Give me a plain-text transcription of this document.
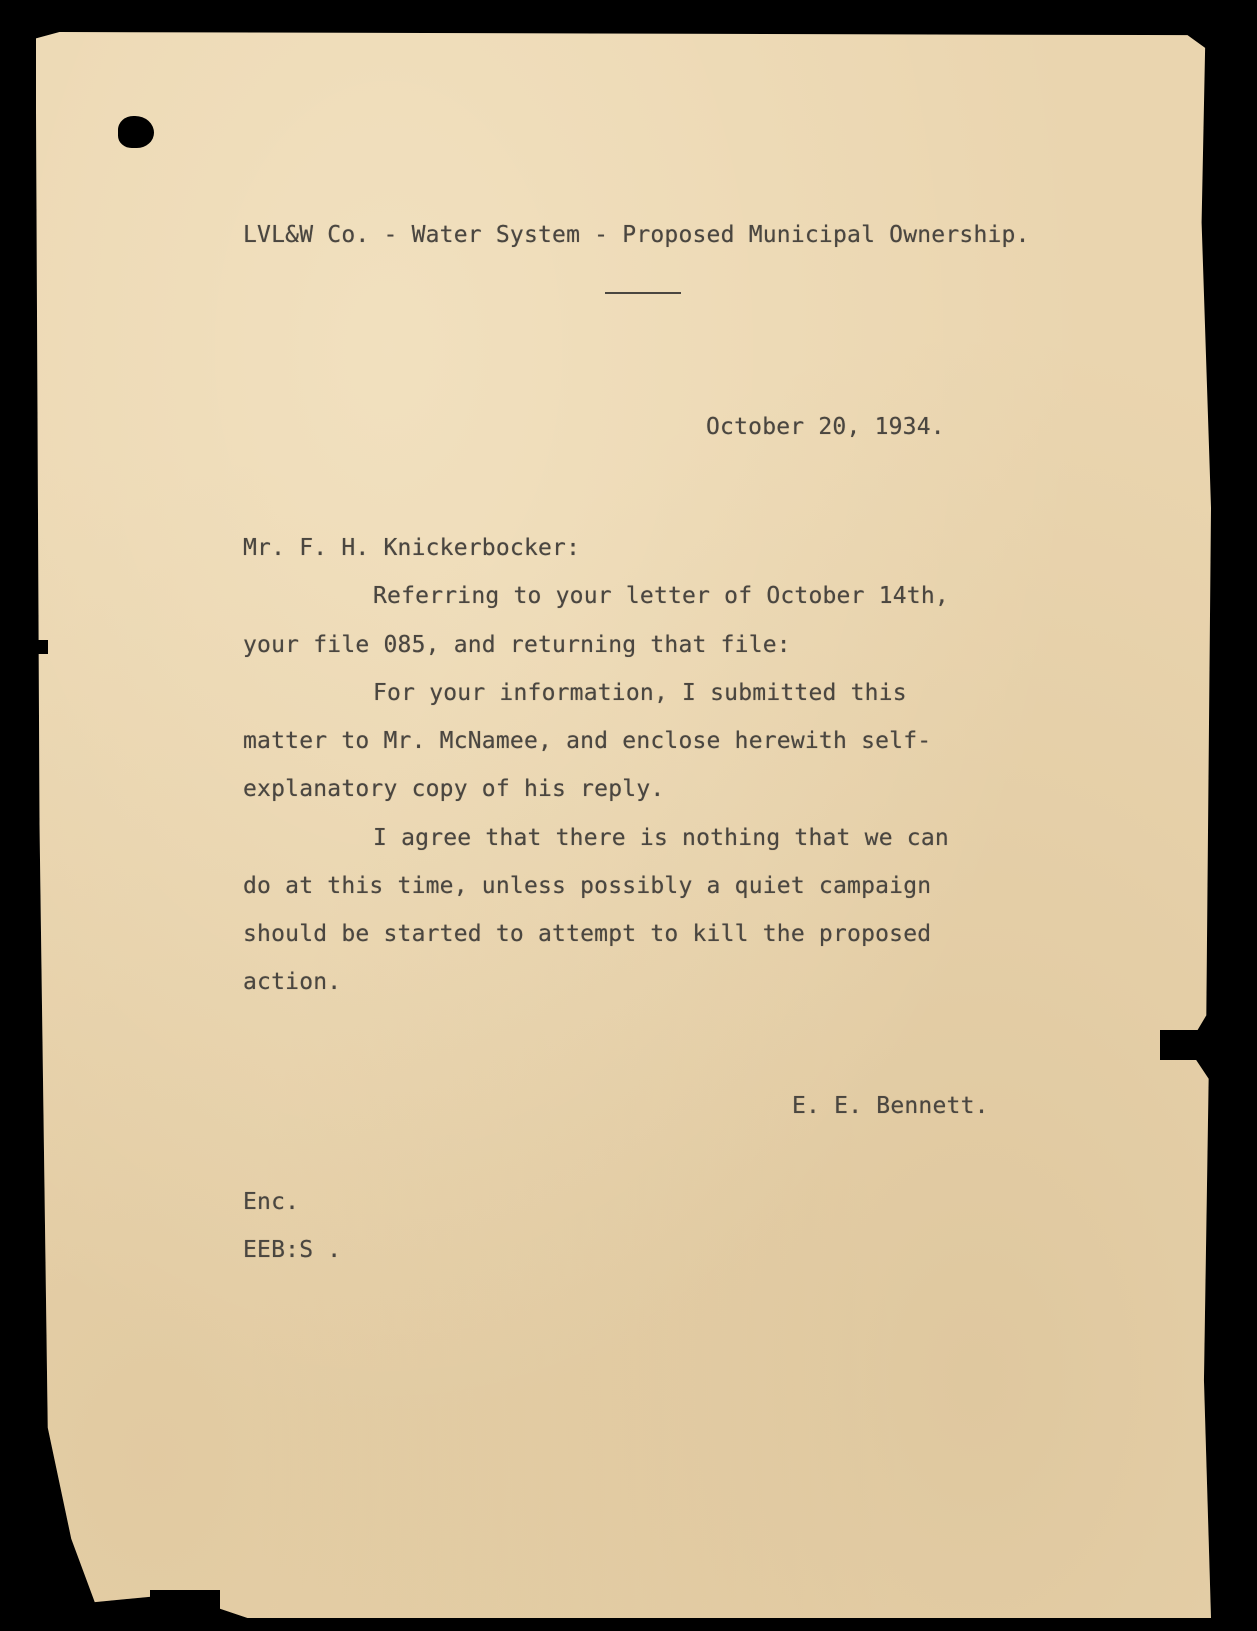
LVL&W Co. - Water System - Proposed Municipal Ownership.
October 20, 1934.
Mr. F. H. Knickerbocker:
Referring to your letter of October 14th,
your file 085, and returning that file:
For your information, I submitted this
matter to Mr. McNamee, and enclose herewith self-
explanatory copy of his reply.
I agree that there is nothing that we can
do at this time, unless possibly a quiet campaign
should be started to attempt to kill the proposed
action.
E. E. Bennett.
Enc.
EEB:S .
